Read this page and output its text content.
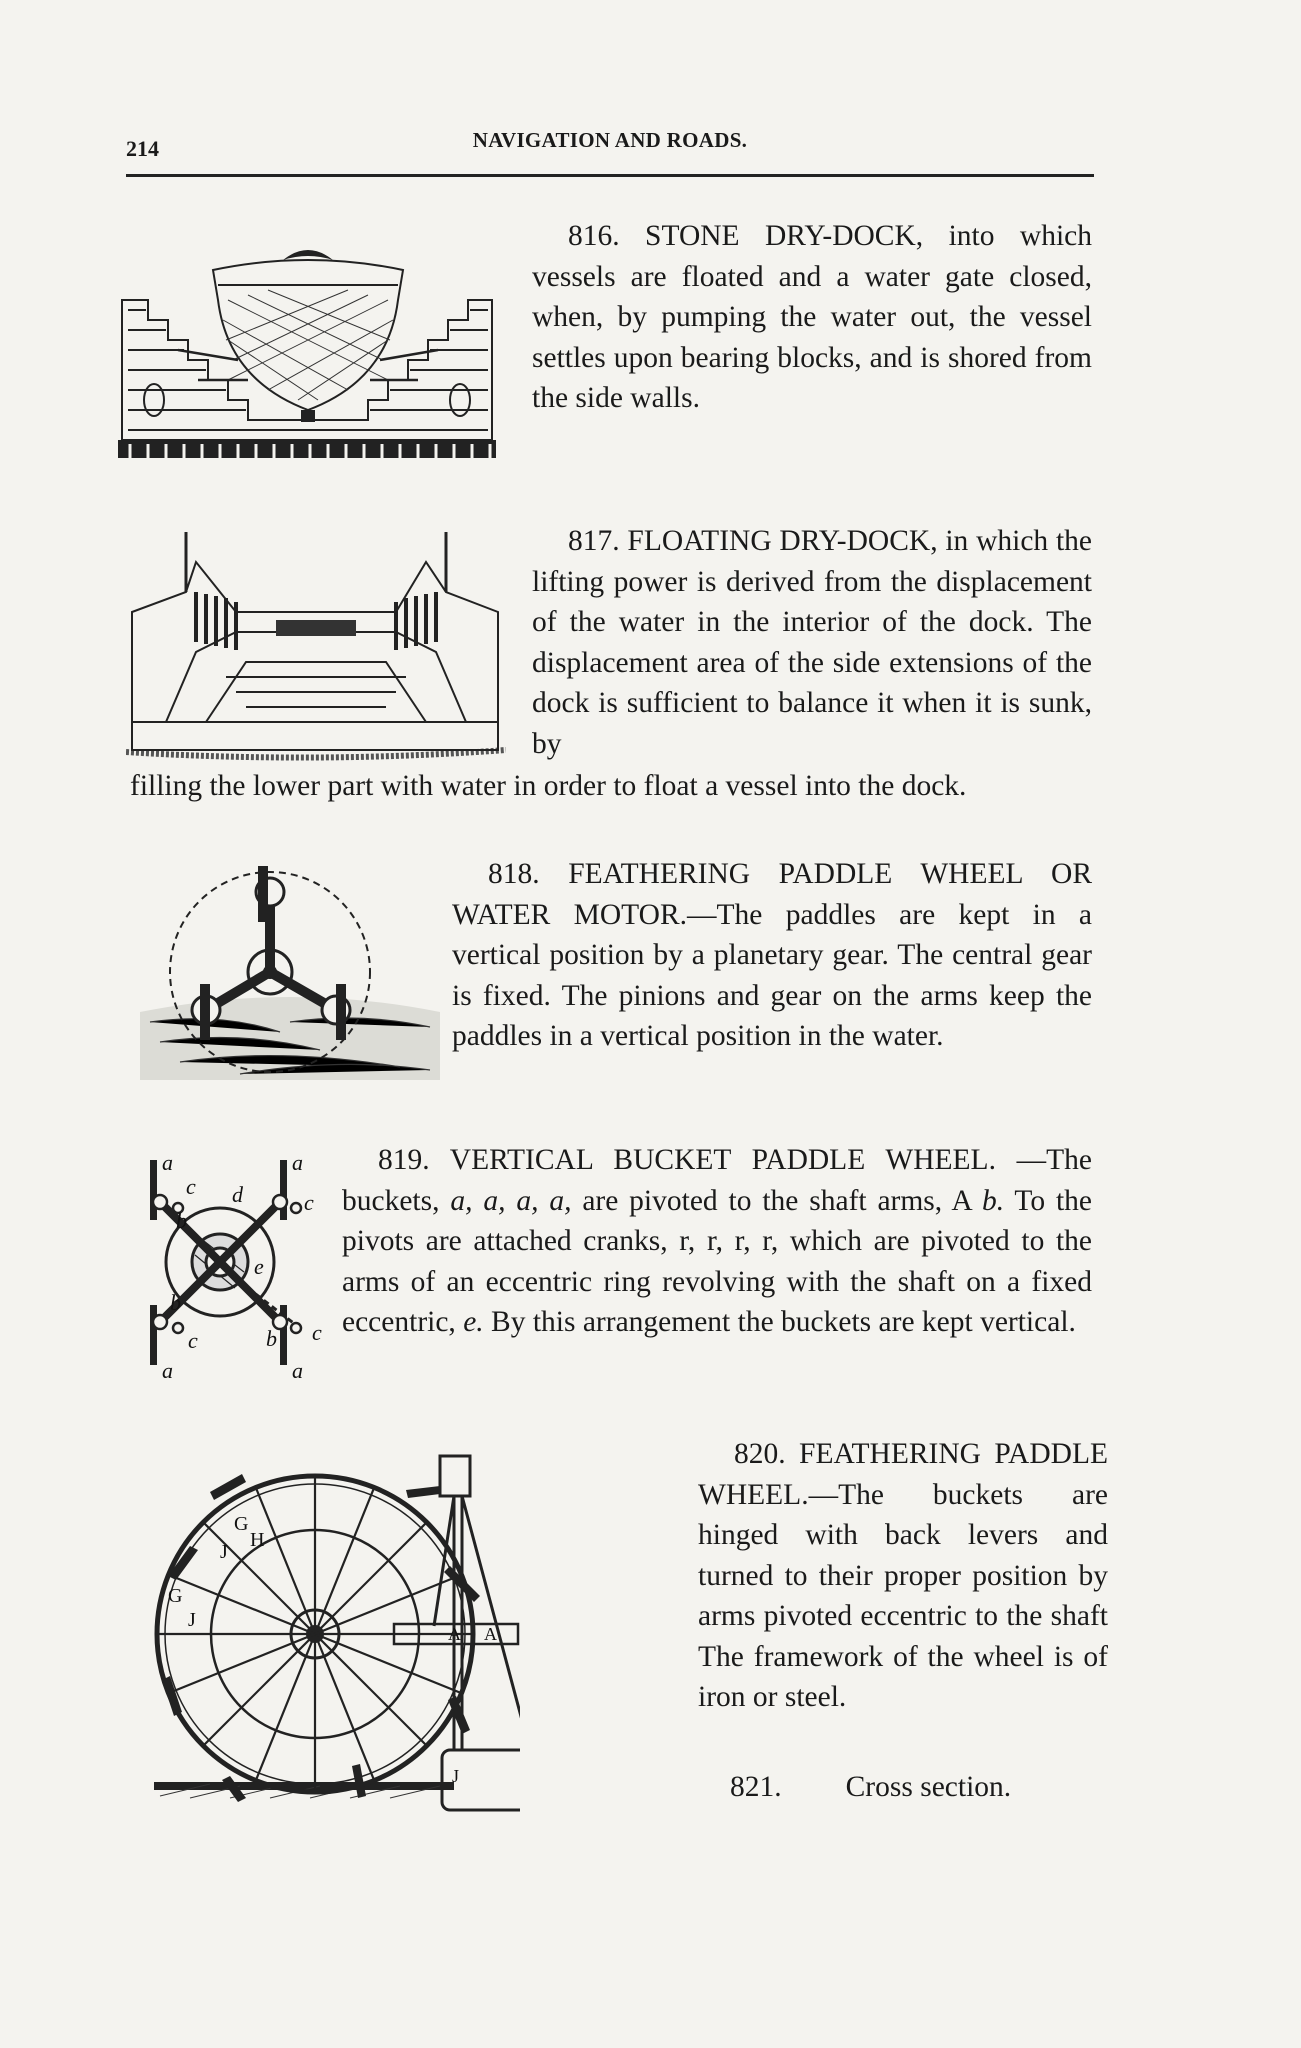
214	NAVIGATION AND ROADS.
816. STONE DRY-DOCK, into which vessels are floated and a water gate closed, when, by pumping the water out, the vessel settles upon bearing blocks, and is shored from the side walls.
817. FLOATING DRY-DOCK, in which the lifting power is derived from the displacement of the water in the interior of the dock. The displacement area of the side extensions of the dock is sufficient to balance it when it is sunk, by
filling the lower part with water in order to float a vessel into the dock.
818. FEATHERING PADDLE WHEEL OR WATER MOTOR.—The paddles are kept in a vertical position by a planetary gear. The central gear is fixed. The pinions and gear on the arms keep the paddles in a vertical position in the water.
a	a
c d	c
b
e
b
c	b c
a	a
819. VERTICAL BUCKET PADDLE WHEEL. —The buckets, a, a, a, a, are pivoted to the shaft arms, A b. To the pivots are attached cranks, r, r, r, r, which are pivoted to the arms of an eccentric ring revolving with the shaft on a fixed eccentric, e. By this arrangement the buckets are kept vertical.
G
H
J
G
J
A
A
J
820. FEATHERING PADDLE WHEEL.—The buckets are hinged with back levers and turned to their proper position by arms pivoted eccentric to the shaft The framework of the wheel is of iron or steel.
821. Cross section.
